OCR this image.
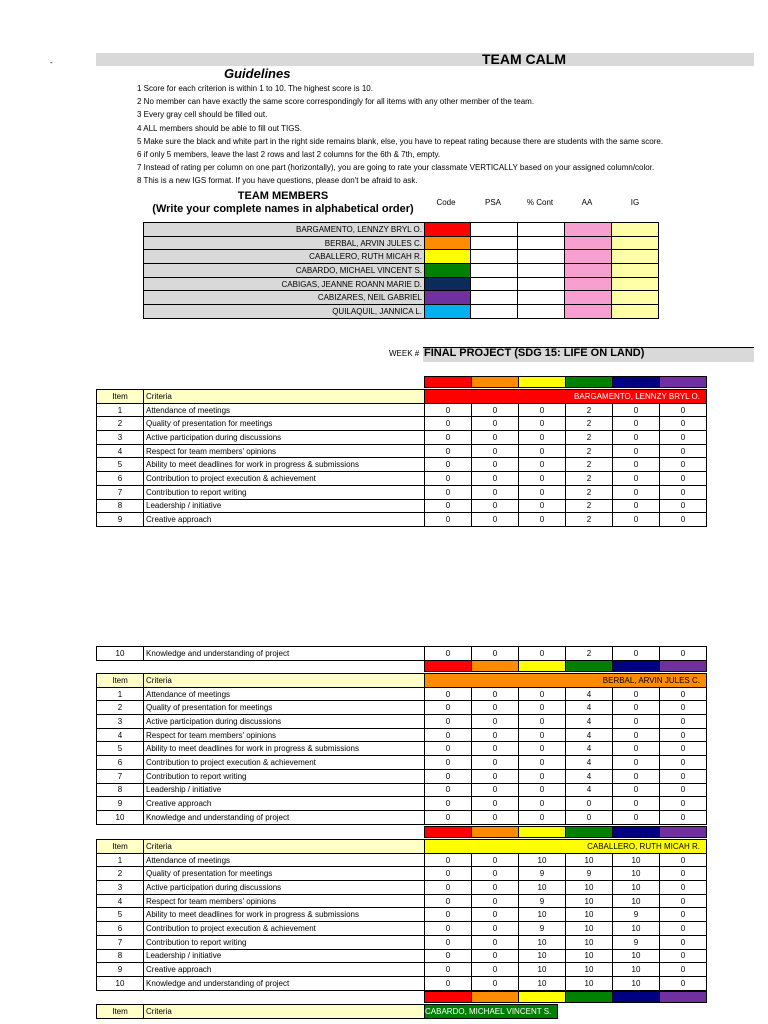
-	TEAM CALM
Guidelines
1 Score for each criterion is within 1 to 10. The highest score is 10.
2 No member can have exactly the same score correspondingly for all items with any other member of the team.
3 Every gray cell should be filled out.
4 ALL members should be able to fill out TIGS.
5 Make sure the black and white part in the right side remains blank, else, you have to repeat rating because there are students with the same score.
6 if only 5 members, leave the last 2 rows and last 2 columns for the 6th & 7th, empty.
7 Instead of rating per column on one part (horizontally), you are going to rate your classmate VERTICALLY based on your assigned column/color.
8 This is a new IGS format. If you have questions, please don't be afraid to ask.
TEAM MEMBERS
(Write your complete names in alphabetical order)
Code	PSA	% Cont	AA	IG
BARGAMENTO, LENNZY BRYL O.					
BERBAL, ARVIN JULES C.					
CABALLERO, RUTH MICAH R.					
CABARDO, MICHAEL VINCENT S.					
CABIGAS, JEANNE ROANN MARIE D.					
CABIZARES, NEIL GABRIEL					
QUILAQUIL, JANNICA L.					
WEEK # FINAL PROJECT (SDG 15: LIFE ON LAND)
Item	Criteria	BARGAMENTO, LENNZY BRYL O.					
1	Attendance of meetings	0	0	0	2	0	0
2	Quality of presentation for meetings	0	0	0	2	0	0
3	Active participation during discussions	0	0	0	2	0	0
4	Respect for team members' opinions	0	0	0	2	0	0
5	Ability to meet deadlines for work in progress & submissions	0	0	0	2	0	0
6	Contribution to project execution & achievement	0	0	0	2	0	0
7	Contribution to report writing	0	0	0	2	0	0
8	Leadership / initiative	0	0	0	2	0	0
9	Creative approach	0	0	0	2	0	0
10	Knowledge and understanding of project	0	0	0	2	0	0
Item	Criteria	BERBAL, ARVIN JULES C.					
1	Attendance of meetings	0	0	0	4	0	0
2	Quality of presentation for meetings	0	0	0	4	0	0
3	Active participation during discussions	0	0	0	4	0	0
4	Respect for team members' opinions	0	0	0	4	0	0
5	Ability to meet deadlines for work in progress & submissions	0	0	0	4	0	0
6	Contribution to project execution & achievement	0	0	0	4	0	0
7	Contribution to report writing	0	0	0	4	0	0
8	Leadership / initiative	0	0	0	4	0	0
9	Creative approach	0	0	0	0	0	0
10	Knowledge and understanding of project	0	0	0	0	0	0
Item	Criteria	CABALLERO, RUTH MICAH R.					
1	Attendance of meetings	0	0	10	10	10	0
2	Quality of presentation for meetings	0	0	9	9	10	0
3	Active participation during discussions	0	0	10	10	10	0
4	Respect for team members' opinions	0	0	9	10	10	0
5	Ability to meet deadlines for work in progress & submissions	0	0	10	10	9	0
6	Contribution to project execution & achievement	0	0	9	10	10	0
7	Contribution to report writing	0	0	10	10	9	0
8	Leadership / initiative	0	0	10	10	10	0
9	Creative approach	0	0	10	10	10	0
10	Knowledge and understanding of project	0	0	10	10	10	0
Item	Criteria	CABARDO, MICHAEL VINCENT S.
